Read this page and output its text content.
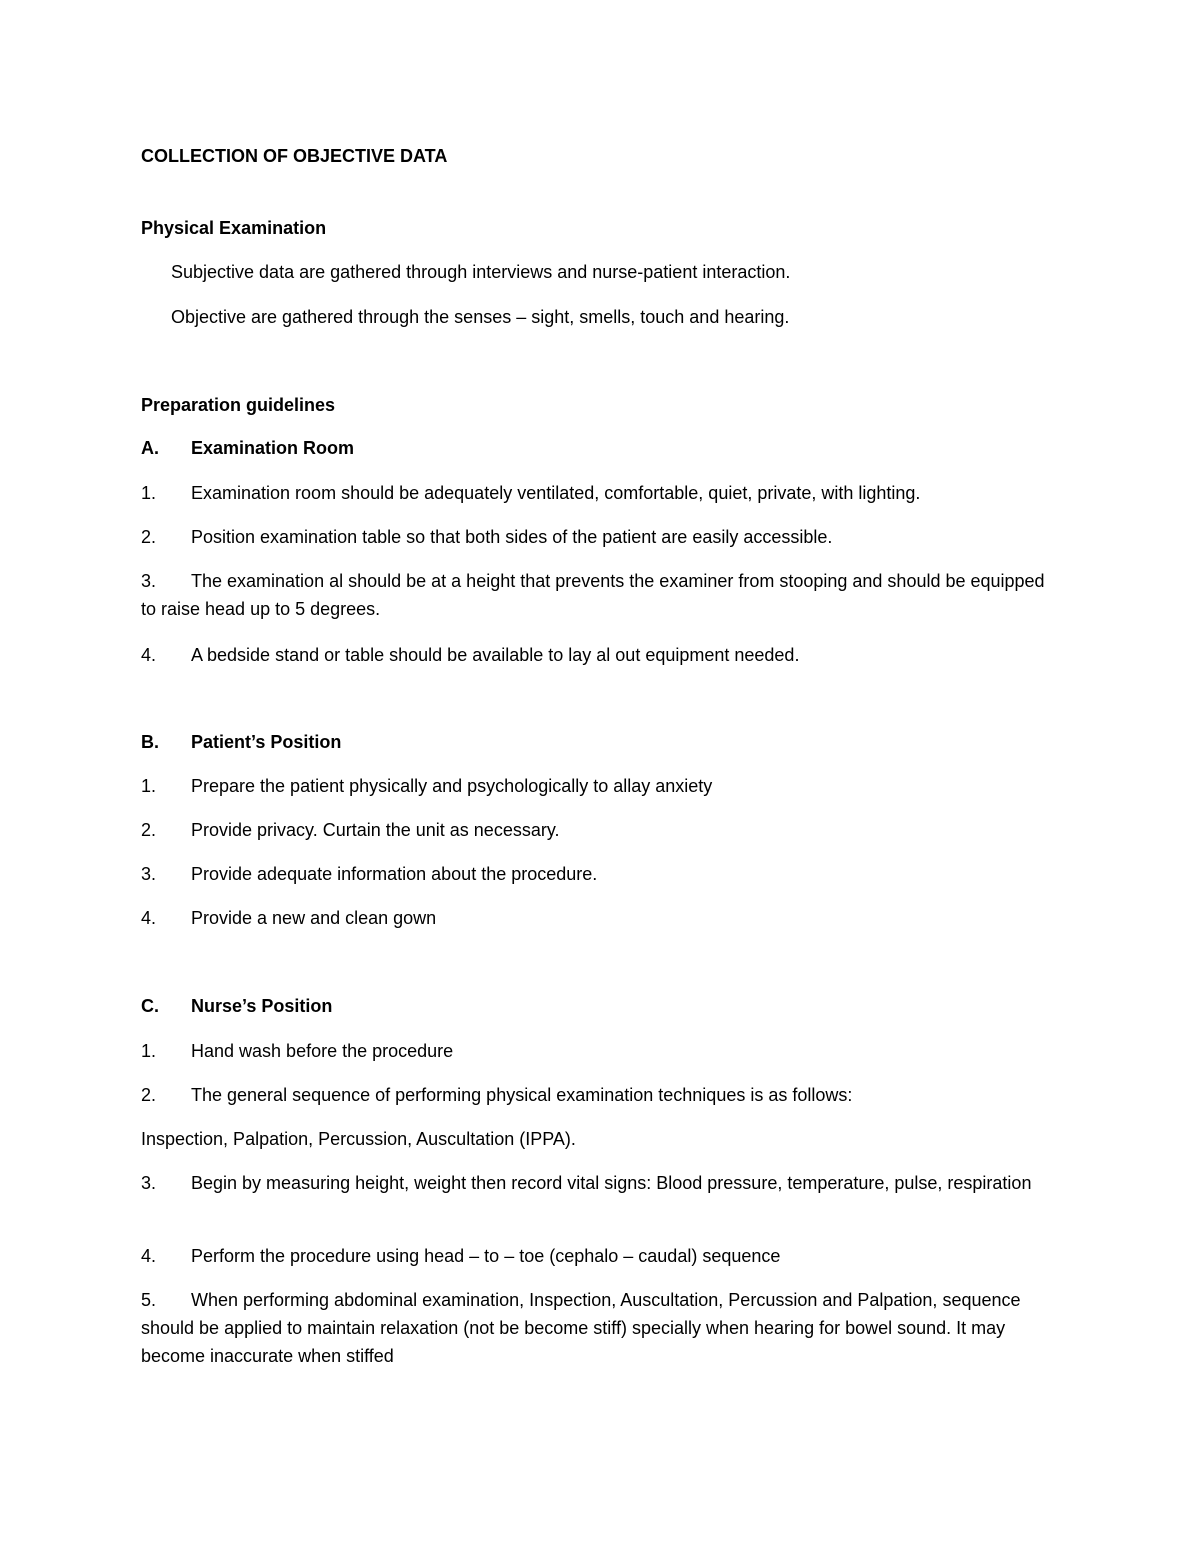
COLLECTION OF OBJECTIVE DATA
Physical Examination
Subjective data are gathered through interviews and nurse-patient interaction.
Objective are gathered through the senses – sight, smells, touch and hearing.
Preparation guidelines
A. Examination Room
1. Examination room should be adequately ventilated, comfortable, quiet, private, with lighting.
2. Position examination table so that both sides of the patient are easily accessible.
3. The examination al should be at a height that prevents the examiner from stooping and should be equipped to raise head up to 5 degrees.
4. A bedside stand or table should be available to lay al out equipment needed.
B. Patient’s Position
1. Prepare the patient physically and psychologically to allay anxiety
2. Provide privacy. Curtain the unit as necessary.
3. Provide adequate information about the procedure.
4. Provide a new and clean gown
C. Nurse’s Position
1. Hand wash before the procedure
2. The general sequence of performing physical examination techniques is as follows:
Inspection, Palpation, Percussion, Auscultation (IPPA).
3. Begin by measuring height, weight then record vital signs: Blood pressure, temperature, pulse, respiration
4. Perform the procedure using head – to – toe (cephalo – caudal) sequence
5. When performing abdominal examination, Inspection, Auscultation, Percussion and Palpation, sequence should be applied to maintain relaxation (not be become stiff) specially when hearing for bowel sound. It may become inaccurate when stiffed
